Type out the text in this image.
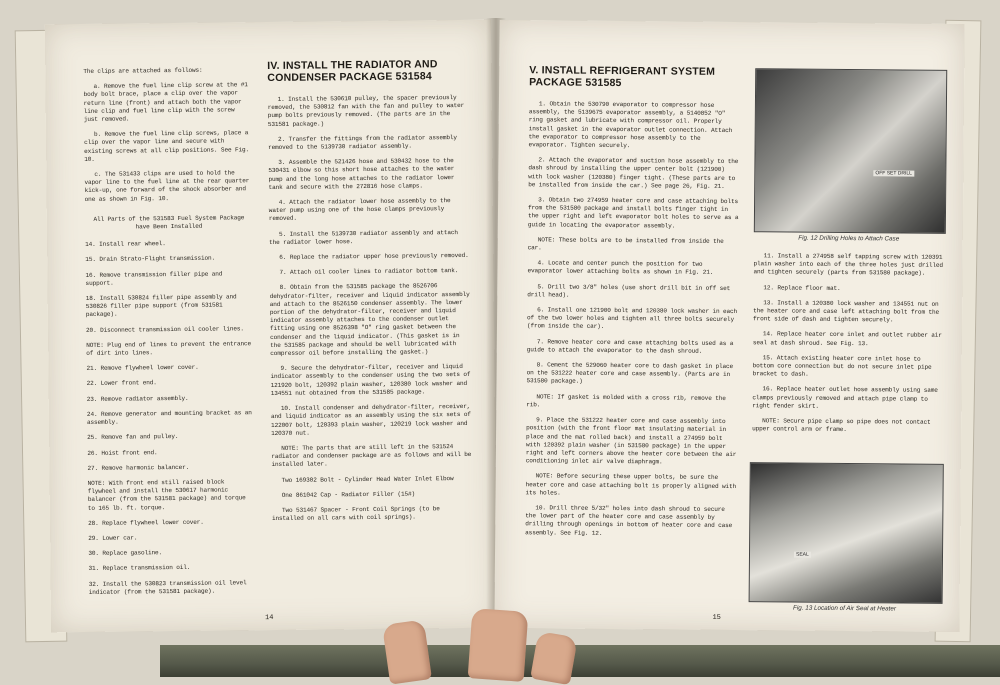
The clips are attached as follows:

a. Remove the fuel line clip screw at the #1 body bolt brace, place a clip over the vapor return line (front) and attach both the vapor line clip and fuel line clip with the screw just removed.

b. Remove the fuel line clip screws, place a clip over the vapor line and secure with existing screws at all clip positions. See Fig. 10.

c. The 531433 clips are used to hold the vapor line to the fuel line at the rear quarter kick-up, one forward of the shock absorber and one as shown in Fig. 10.

All Parts of the 531583 Fuel System Package have Been Installed

14. Install rear wheel.

15. Drain Strato-Flight transmission.

16. Remove transmission filler pipe and support.

18. Install 530824 filler pipe assembly and 530826 filler pipe support (from 531581 package).

20. Disconnect transmission oil cooler lines.

NOTE: Plug end of lines to prevent the entrance of dirt into lines.

21. Remove flywheel lower cover.

22. Lower front end.

23. Remove radiator assembly.

24. Remove generator and mounting bracket as an assembly.

25. Remove fan and pulley.

26. Hoist front end.

27. Remove harmonic balancer.

NOTE: With front end still raised block flywheel and install the 530617 harmonic balancer (from the 531581 package) and torque to 165 lb. ft. torque.

28. Replace flywheel lower cover.

29. Lower car.

30. Replace gasoline.

31. Replace transmission oil.

32. Install the 530823 transmission oil level indicator (from the 531581 package).

IV. INSTALL THE RADIATOR AND CONDENSER PACKAGE 531584

1. Install the 530610 pulley, the spacer previously removed, the 530812 fan with the fan and pulley to water pump bolts previously removed. (The parts are in the 531581 package.)

2. Transfer the fittings from the radiator assembly removed to the 5139730 radiator assembly.

3. Assemble the 521426 hose and 530432 hose to the 530431 elbow so this short hose attaches to the water pump and the long hose attaches to the radiator lower tank and secure with the 272816 hose clamps.

4. Attach the radiator lower hose assembly to the water pump using one of the hose clamps previously removed.

5. Install the 5139730 radiator assembly and attach the radiator lower hose.

6. Replace the radiator upper hose previously removed.

7. Attach oil cooler lines to radiator bottom tank.

8. Obtain from the 531585 package the 8526706 dehydrator-filter, receiver and liquid indicator assembly and attach to the 8526150 condenser assembly. The lower portion of the dehydrator-filter, receiver and liquid indicator assembly attaches to the condenser outlet fitting using one 8526398 "O" ring gasket between the condenser and the liquid indicator. (This gasket is in the 531585 package and should be well lubricated with compressor oil before installing the gasket.)

9. Secure the dehydrator-filter, receiver and liquid indicator assembly to the condenser using the two sets of 121920 bolt, 120392 plain washer, 120380 lock washer and 134551 nut obtained from the 531585 package.

10. Install condenser and dehydrator-filter, receiver, and liquid indicator as an assembly using the six sets of 122007 bolt, 120393 plain washer, 120219 lock washer and 120370 nut.

NOTE: The parts that are still left in the 531524 radiator and condenser package are as follows and will be installed later.

Two 169302 Bolt - Cylinder Head Water Inlet Elbow

One 861042 Cap - Radiator Filler (15#)

Two 531467 Spacer - Front Coil Springs (to be installed on all cars with coil springs).

14
V. INSTALL REFRIGERANT SYSTEM PACKAGE 531585

1. Obtain the 530790 evaporator to compressor hose assembly, the 5139675 evaporator assembly, a 5140852 "O" ring gasket and lubricate with compressor oil. Properly install gasket in the evaporator outlet connection. Attach the evaporator to compressor hose assembly to the evaporator. Tighten securely.

2. Attach the evaporator and suction hose assembly to the dash shroud by installing the upper center bolt (121900) with lock washer (120380) finger tight. (These parts are to be installed from inside the car.) See page 26, Fig. 21.

3. Obtain two 274959 heater core and case attaching bolts from the 531580 package and install bolts finger tight in the upper right and left evaporator bolt holes to serve as a guide in locating the evaporator assembly.

NOTE: These bolts are to be installed from inside the car.

4. Locate and center punch the position for two evaporator lower attaching bolts as shown in Fig. 21.

5. Drill two 3/8" holes (use short drill bit in off set drill head).

6. Install one 121900 bolt and 120380 lock washer in each of the two lower holes and tighten all three bolts securely (from inside the car).

7. Remove heater core and case attaching bolts used as a guide to attach the evaporator to the dash shroud.

8. Cement the 529060 heater core to dash gasket in place on the 531222 heater core and case assembly. (Parts are in 531580 package.)

NOTE: If gasket is molded with a cross rib, remove the rib.

9. Place the 531222 heater core and case assembly into position (with the front floor mat insulating material in place and the mat rolled back) and install a 274959 bolt with 120392 plain washer (in 531580 package) in the upper right and left corners above the heater core between the air conditioning inlet air valve diaphragm.

NOTE: Before securing these upper bolts, be sure the heater core and case attaching bolt is properly aligned with its holes.

10. Drill three 5/32" holes into dash shroud to secure the lower part of the heater core and case assembly by drilling through openings in bottom of heater core and case assembly. See Fig. 12.

OFF SET DRILL
Fig. 12 Drilling Holes to Attach Case

11. Install a 274958 self tapping screw with 120391 plain washer into each of the three holes just drilled and tighten securely (parts from 531580 package).

12. Replace floor mat.

13. Install a 120380 lock washer and 134551 nut on the heater core and case left attaching bolt from the front side of dash and tighten securely.

14. Replace heater core inlet and outlet rubber air seal at dash shroud. See Fig. 13.

15. Attach existing heater core inlet hose to bottom core connection but do not secure inlet pipe bracket to dash.

16. Replace heater outlet hose assembly using same clamps previously removed and attach pipe clamp to right fender skirt.

NOTE: Secure pipe clamp so pipe does not contact upper control arm or frame.

SEAL
Fig. 13 Location of Air Seal at Heater
15
